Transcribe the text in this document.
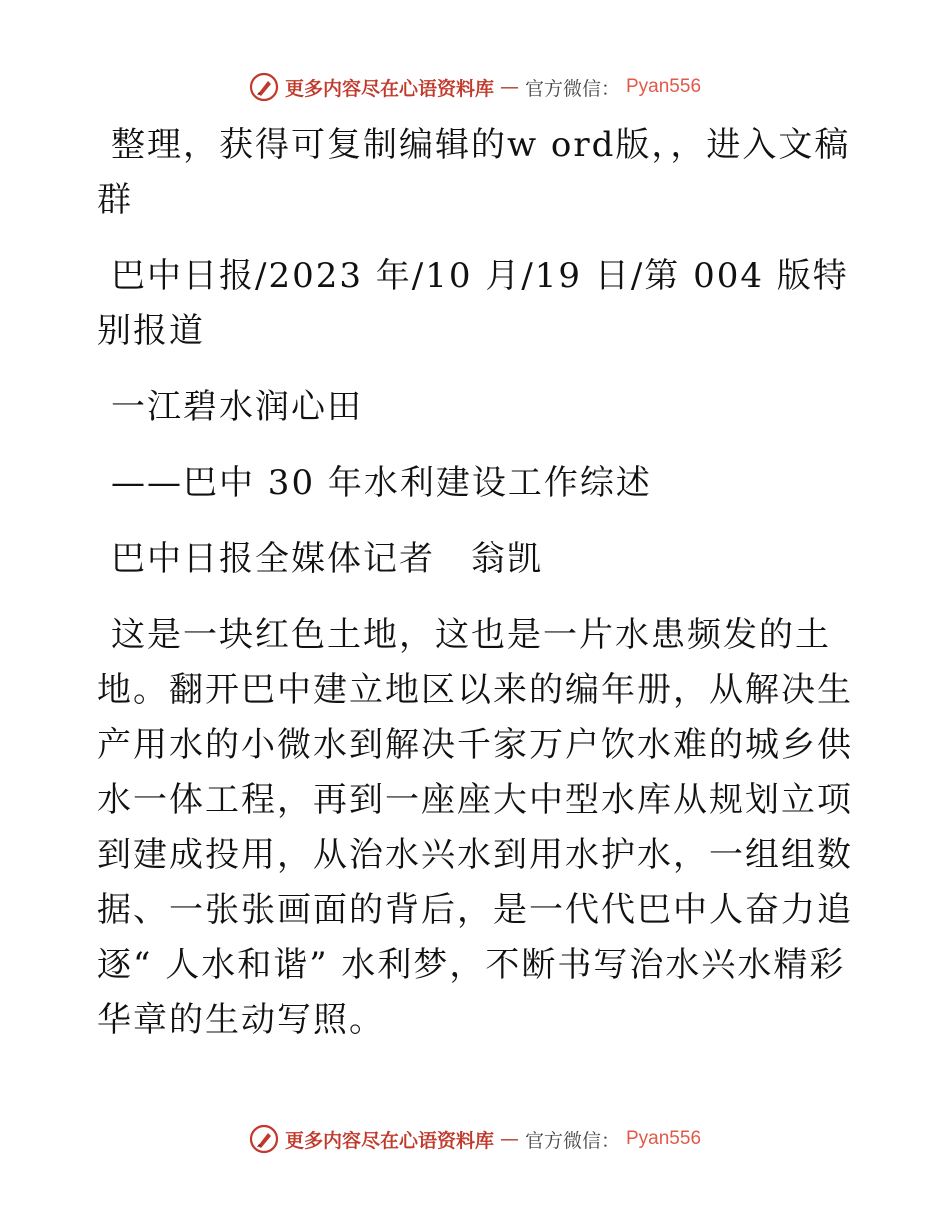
更多内容尽在心语资料库 — 官方微信： Pyan556

整理，获得可复制编辑的w ord版，，进入文稿群

巴中日报/2023 年/10 月/19 日/第 004 版特别报道

一江碧水润心田

——巴中 30 年水利建设工作综述

巴中日报全媒体记者　翁凯

这是一块红色土地，这也是一片水患频发的土地。翻开巴中建立地区以来的编年册，从解决生产用水的小微水到解决千家万户饮水难的城乡供水一体工程，再到一座座大中型水库从规划立项到建成投用，从治水兴水到用水护水，一组组数据、一张张画面的背后，是一代代巴中人奋力追逐“ 人水和谐” 水利梦，不断书写治水兴水精彩华章的生动写照。

更多内容尽在心语资料库 — 官方微信： Pyan556
